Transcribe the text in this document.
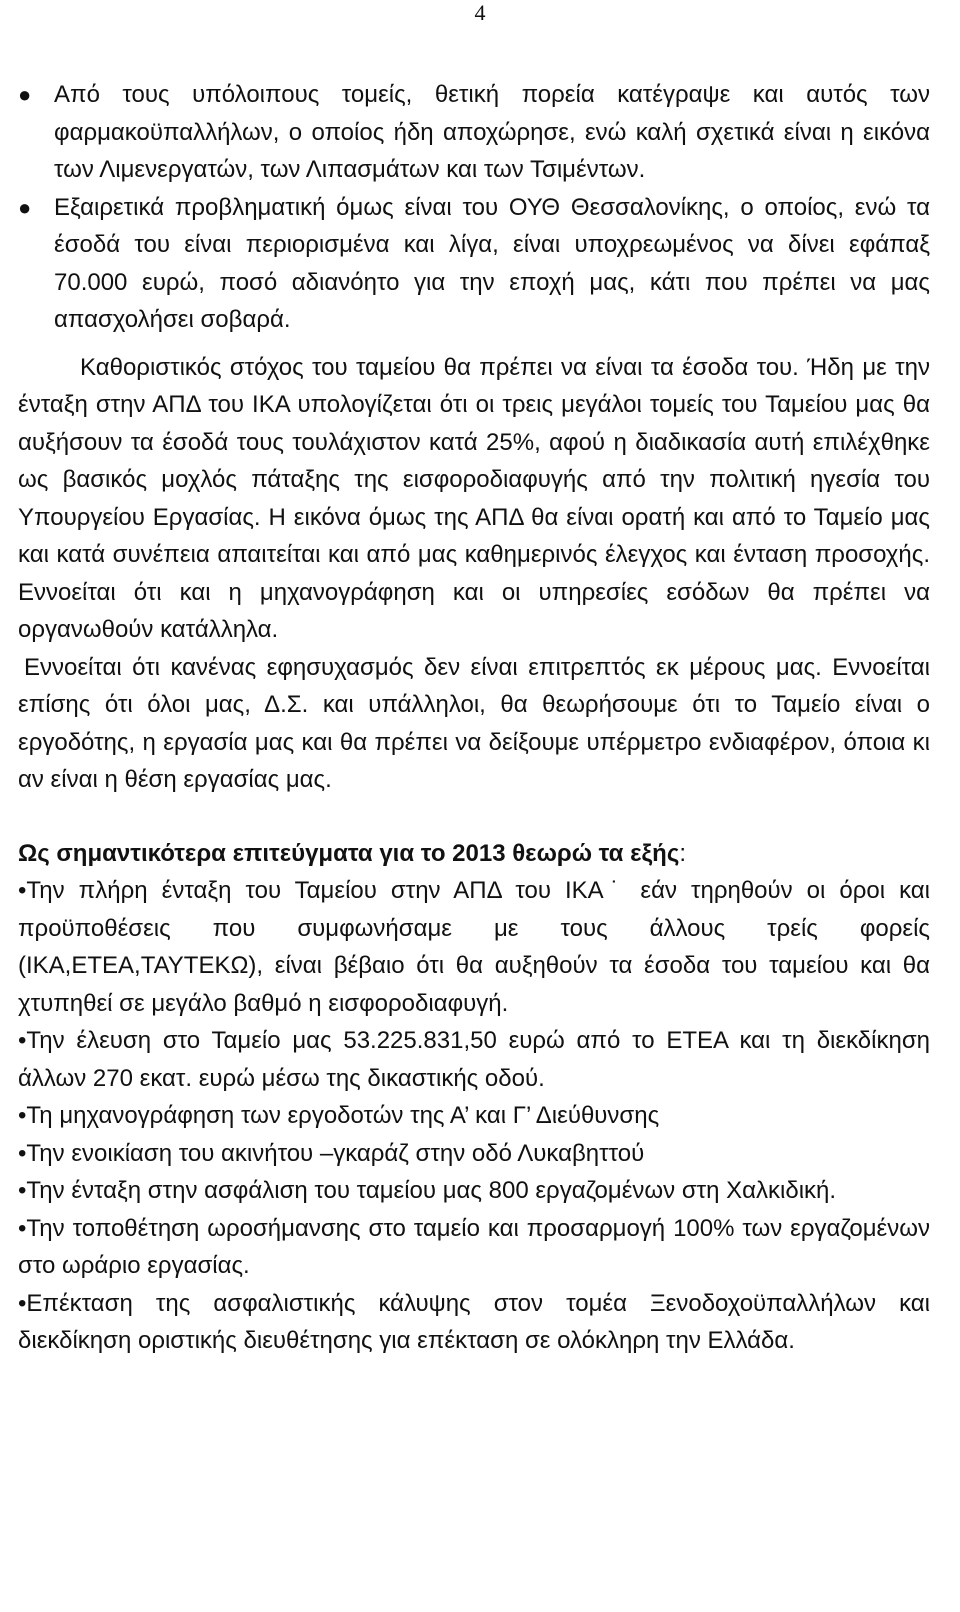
4
● Από τους υπόλοιπους τομείς, θετική πορεία κατέγραψε και αυτός των φαρμακοϋπαλλήλων, ο οποίος ήδη αποχώρησε, ενώ καλή σχετικά είναι η εικόνα των Λιμενεργατών, των Λιπασμάτων και των Τσιμέντων.

● Εξαιρετικά προβληματική όμως είναι του ΟΥΘ Θεσσαλονίκης, ο οποίος, ενώ τα έσοδά του είναι περιορισμένα και λίγα, είναι υποχρεωμένος να δίνει εφάπαξ 70.000 ευρώ, ποσό αδιανόητο για την εποχή μας, κάτι που πρέπει να μας απασχολήσει σοβαρά.

Καθοριστικός στόχος του ταμείου θα πρέπει να είναι τα έσοδα του. Ήδη με την ένταξη στην ΑΠΔ του ΙΚΑ υπολογίζεται ότι οι τρεις μεγάλοι τομείς του Ταμείου μας θα αυξήσουν τα έσοδά τους τουλάχιστον κατά 25%, αφού η διαδικασία αυτή επιλέχθηκε ως βασικός μοχλός πάταξης της εισφοροδιαφυγής από την πολιτική ηγεσία του Υπουργείου Εργασίας. Η εικόνα όμως της ΑΠΔ θα είναι ορατή και από το Ταμείο μας και κατά συνέπεια απαιτείται και από μας καθημερινός έλεγχος και ένταση προσοχής. Εννοείται ότι και η μηχανογράφηση και οι υπηρεσίες εσόδων θα πρέπει να οργανωθούν κατάλληλα.

Εννοείται ότι κανένας εφησυχασμός δεν είναι επιτρεπτός εκ μέρους μας. Εννοείται επίσης ότι όλοι μας, Δ.Σ. και υπάλληλοι, θα θεωρήσουμε ότι το Ταμείο είναι ο εργοδότης, η εργασία μας και θα πρέπει να δείξουμε υπέρμετρο ενδιαφέρον, όποια κι αν είναι η θέση εργασίας μας.

Ως σημαντικότερα επιτεύγματα για το 2013 θεωρώ τα εξής:

•Την πλήρη ένταξη του Ταμείου στην ΑΠΔ του ΙΚΑ˙ εάν τηρηθούν οι όροι και προϋποθέσεις που συμφωνήσαμε με τους άλλους τρείς φορείς (ΙΚΑ,ΕΤΕΑ,ΤΑΥΤΕΚΩ), είναι βέβαιο ότι θα αυξηθούν τα έσοδα του ταμείου και θα χτυπηθεί σε μεγάλο βαθμό η εισφοροδιαφυγή.

•Την έλευση στο Ταμείο μας 53.225.831,50 ευρώ από το ΕΤΕΑ και τη διεκδίκηση άλλων 270 εκατ. ευρώ μέσω της δικαστικής οδού.

•Τη μηχανογράφηση των εργοδοτών της Α’ και Γ’ Διεύθυνσης

•Την ενοικίαση του ακινήτου –γκαράζ στην οδό Λυκαβηττού

•Την ένταξη στην ασφάλιση του ταμείου μας 800 εργαζομένων στη Χαλκιδική.

•Την τοποθέτηση ωροσήμανσης στο ταμείο και προσαρμογή 100% των εργαζομένων στο ωράριο εργασίας.

•Επέκταση της ασφαλιστικής κάλυψης στον τομέα Ξενοδοχοϋπαλλήλων και διεκδίκηση οριστικής διευθέτησης για επέκταση σε ολόκληρη την Ελλάδα.
